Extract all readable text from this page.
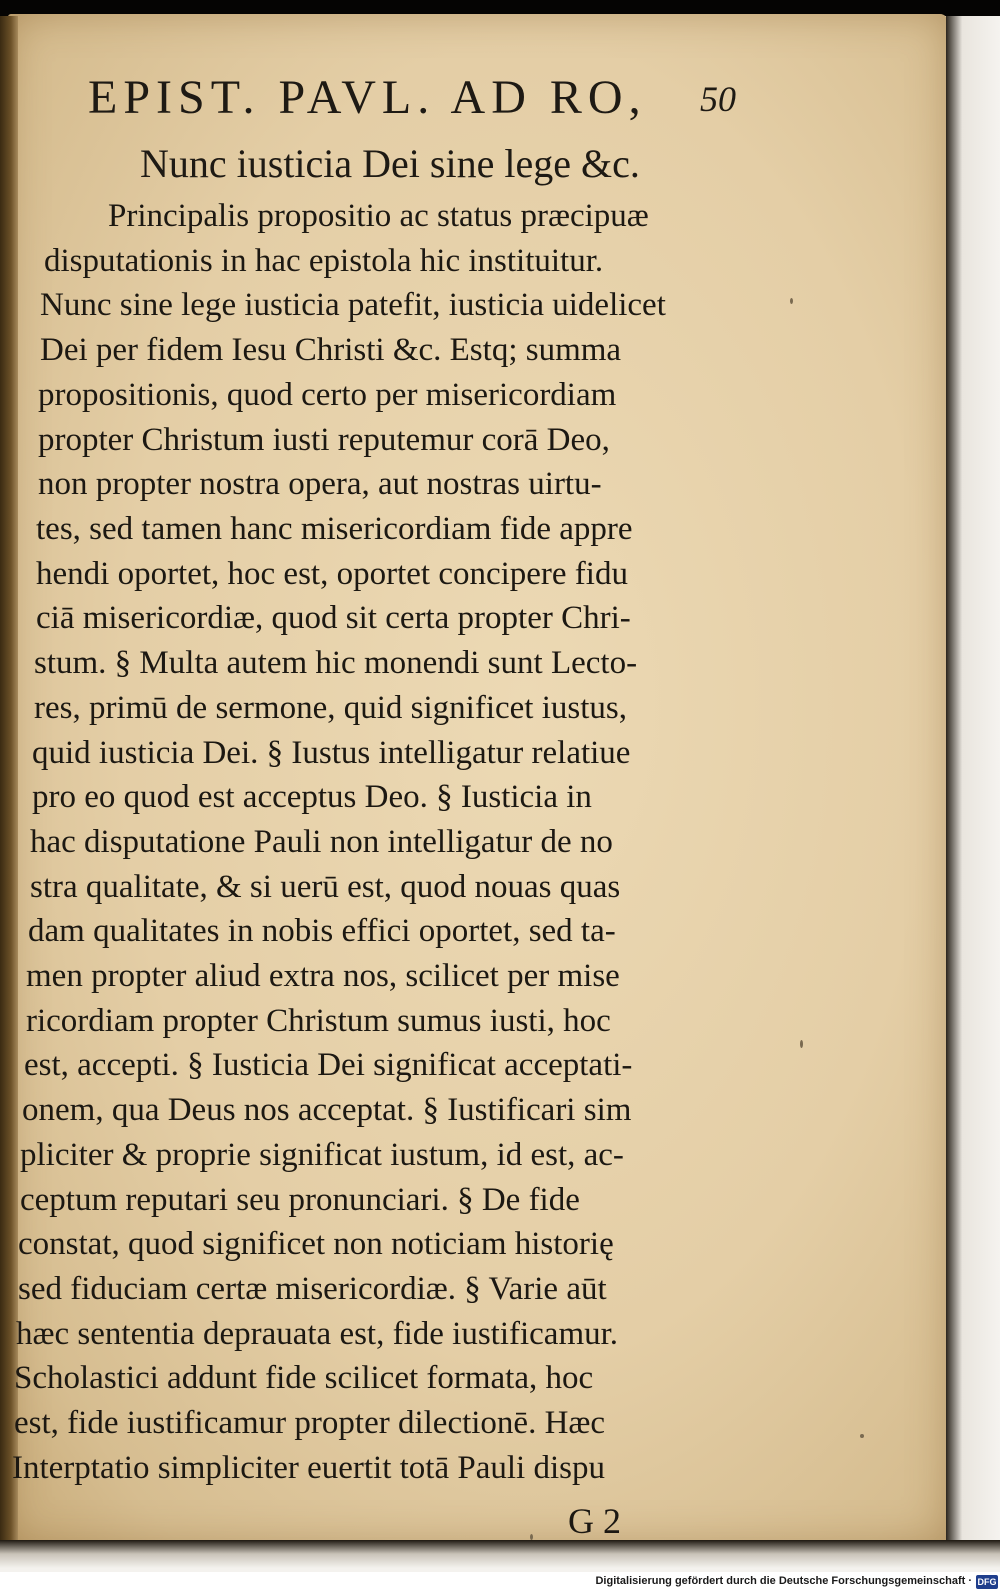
EPIST. PAVL. AD RO,	50
Nunc iusticia Dei sine lege &c.
Principalis propositio ac status præcipuæ
disputationis in hac epistola hic instituitur.
Nunc sine lege iusticia patefit, iusticia uidelicet
Dei per fidem Iesu Christi &c. Estq; summa
propositionis, quod certo per misericordiam
propter Christum iusti reputemur corā Deo,
non propter nostra opera, aut nostras uirtu-
tes, sed tamen hanc misericordiam fide appre
hendi oportet, hoc est, oportet concipere fidu
ciā misericordiæ, quod sit certa propter Chri-
stum. § Multa autem hic monendi sunt Lecto-
res, primū de sermone, quid significet iustus,
quid iusticia Dei. § Iustus intelligatur relatiue
pro eo quod est acceptus Deo. § Iusticia in
hac disputatione Pauli non intelligatur de no
stra qualitate, & si uerū est, quod nouas quas
dam qualitates in nobis effici oportet, sed ta-
men propter aliud extra nos, scilicet per mise
ricordiam propter Christum sumus iusti, hoc
est, accepti. § Iusticia Dei significat acceptati-
onem, qua Deus nos acceptat. § Iustificari sim
pliciter & proprie significat iustum, id est, ac-
ceptum reputari seu pronunciari. § De fide
constat, quod significet non noticiam historię
sed fiduciam certæ misericordiæ. § Varie aūt
hæc sententia deprauata est, fide iustificamur.
Scholastici addunt fide scilicet formata, hoc
est, fide iustificamur propter dilectionē. Hæc
Interptatio simpliciter euertit totā Pauli dispu
G 2
Digitalisierung gefördert durch die Deutsche Forschungsgemeinschaft · DFG
